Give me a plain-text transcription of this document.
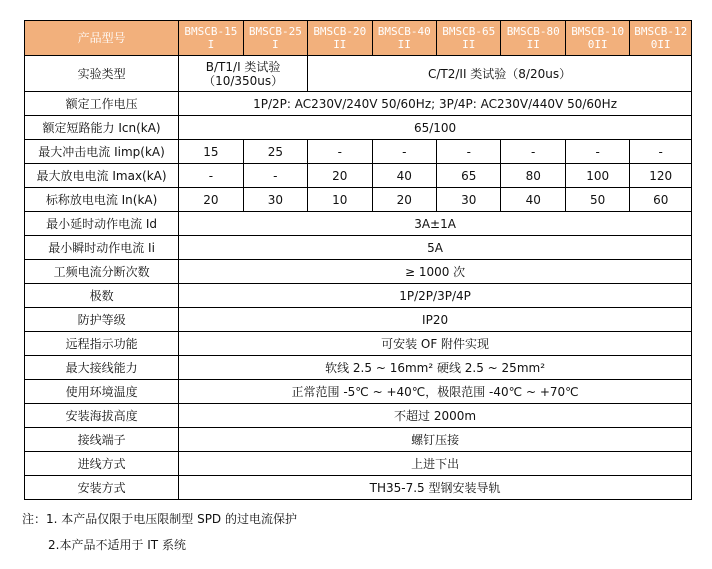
产品型号	BMSCB-15I	BMSCB-25I	BMSCB-20II	BMSCB-40II	BMSCB-65II	BMSCB-80II	BMSCB-100II	BMSCB-120II

实验类型	B/T1/I 类试验（10/350us）		C/T2/II 类试验（8/20us）					
额定工作电压	1P/2P: AC230V/240V 50/60Hz; 3P/4P: AC230V/440V 50/60Hz							
额定短路能力 Icn(kA)	65/100							
最大冲击电流 Iimp(kA)	15	25	-	-	-	-	-	-
最大放电电流 Imax(kA)	-	-	20	40	65	80	100	120
标称放电电流 In(kA)	20	30	10	20	30	40	50	60
最小延时动作电流 Id	3A±1A							
最小瞬时动作电流 Ii	5A							
工频电流分断次数	≥ 1000 次							
极数	1P/2P/3P/4P							
防护等级	IP20							
远程指示功能	可安装 OF 附件实现							
最大接线能力	软线 2.5 ~ 16mm² 硬线 2.5 ~ 25mm²							
使用环境温度	正常范围 -5℃ ~ +40℃，极限范围 -40℃ ~ +70℃							
安装海拔高度	不超过 2000m							
接线端子	螺钉压接							
进线方式	上进下出							
安装方式	TH35-7.5 型钢安装导轨							
注：1. 本产品仅限于电压限制型 SPD 的过电流保护
2.本产品不适用于 IT 系统
